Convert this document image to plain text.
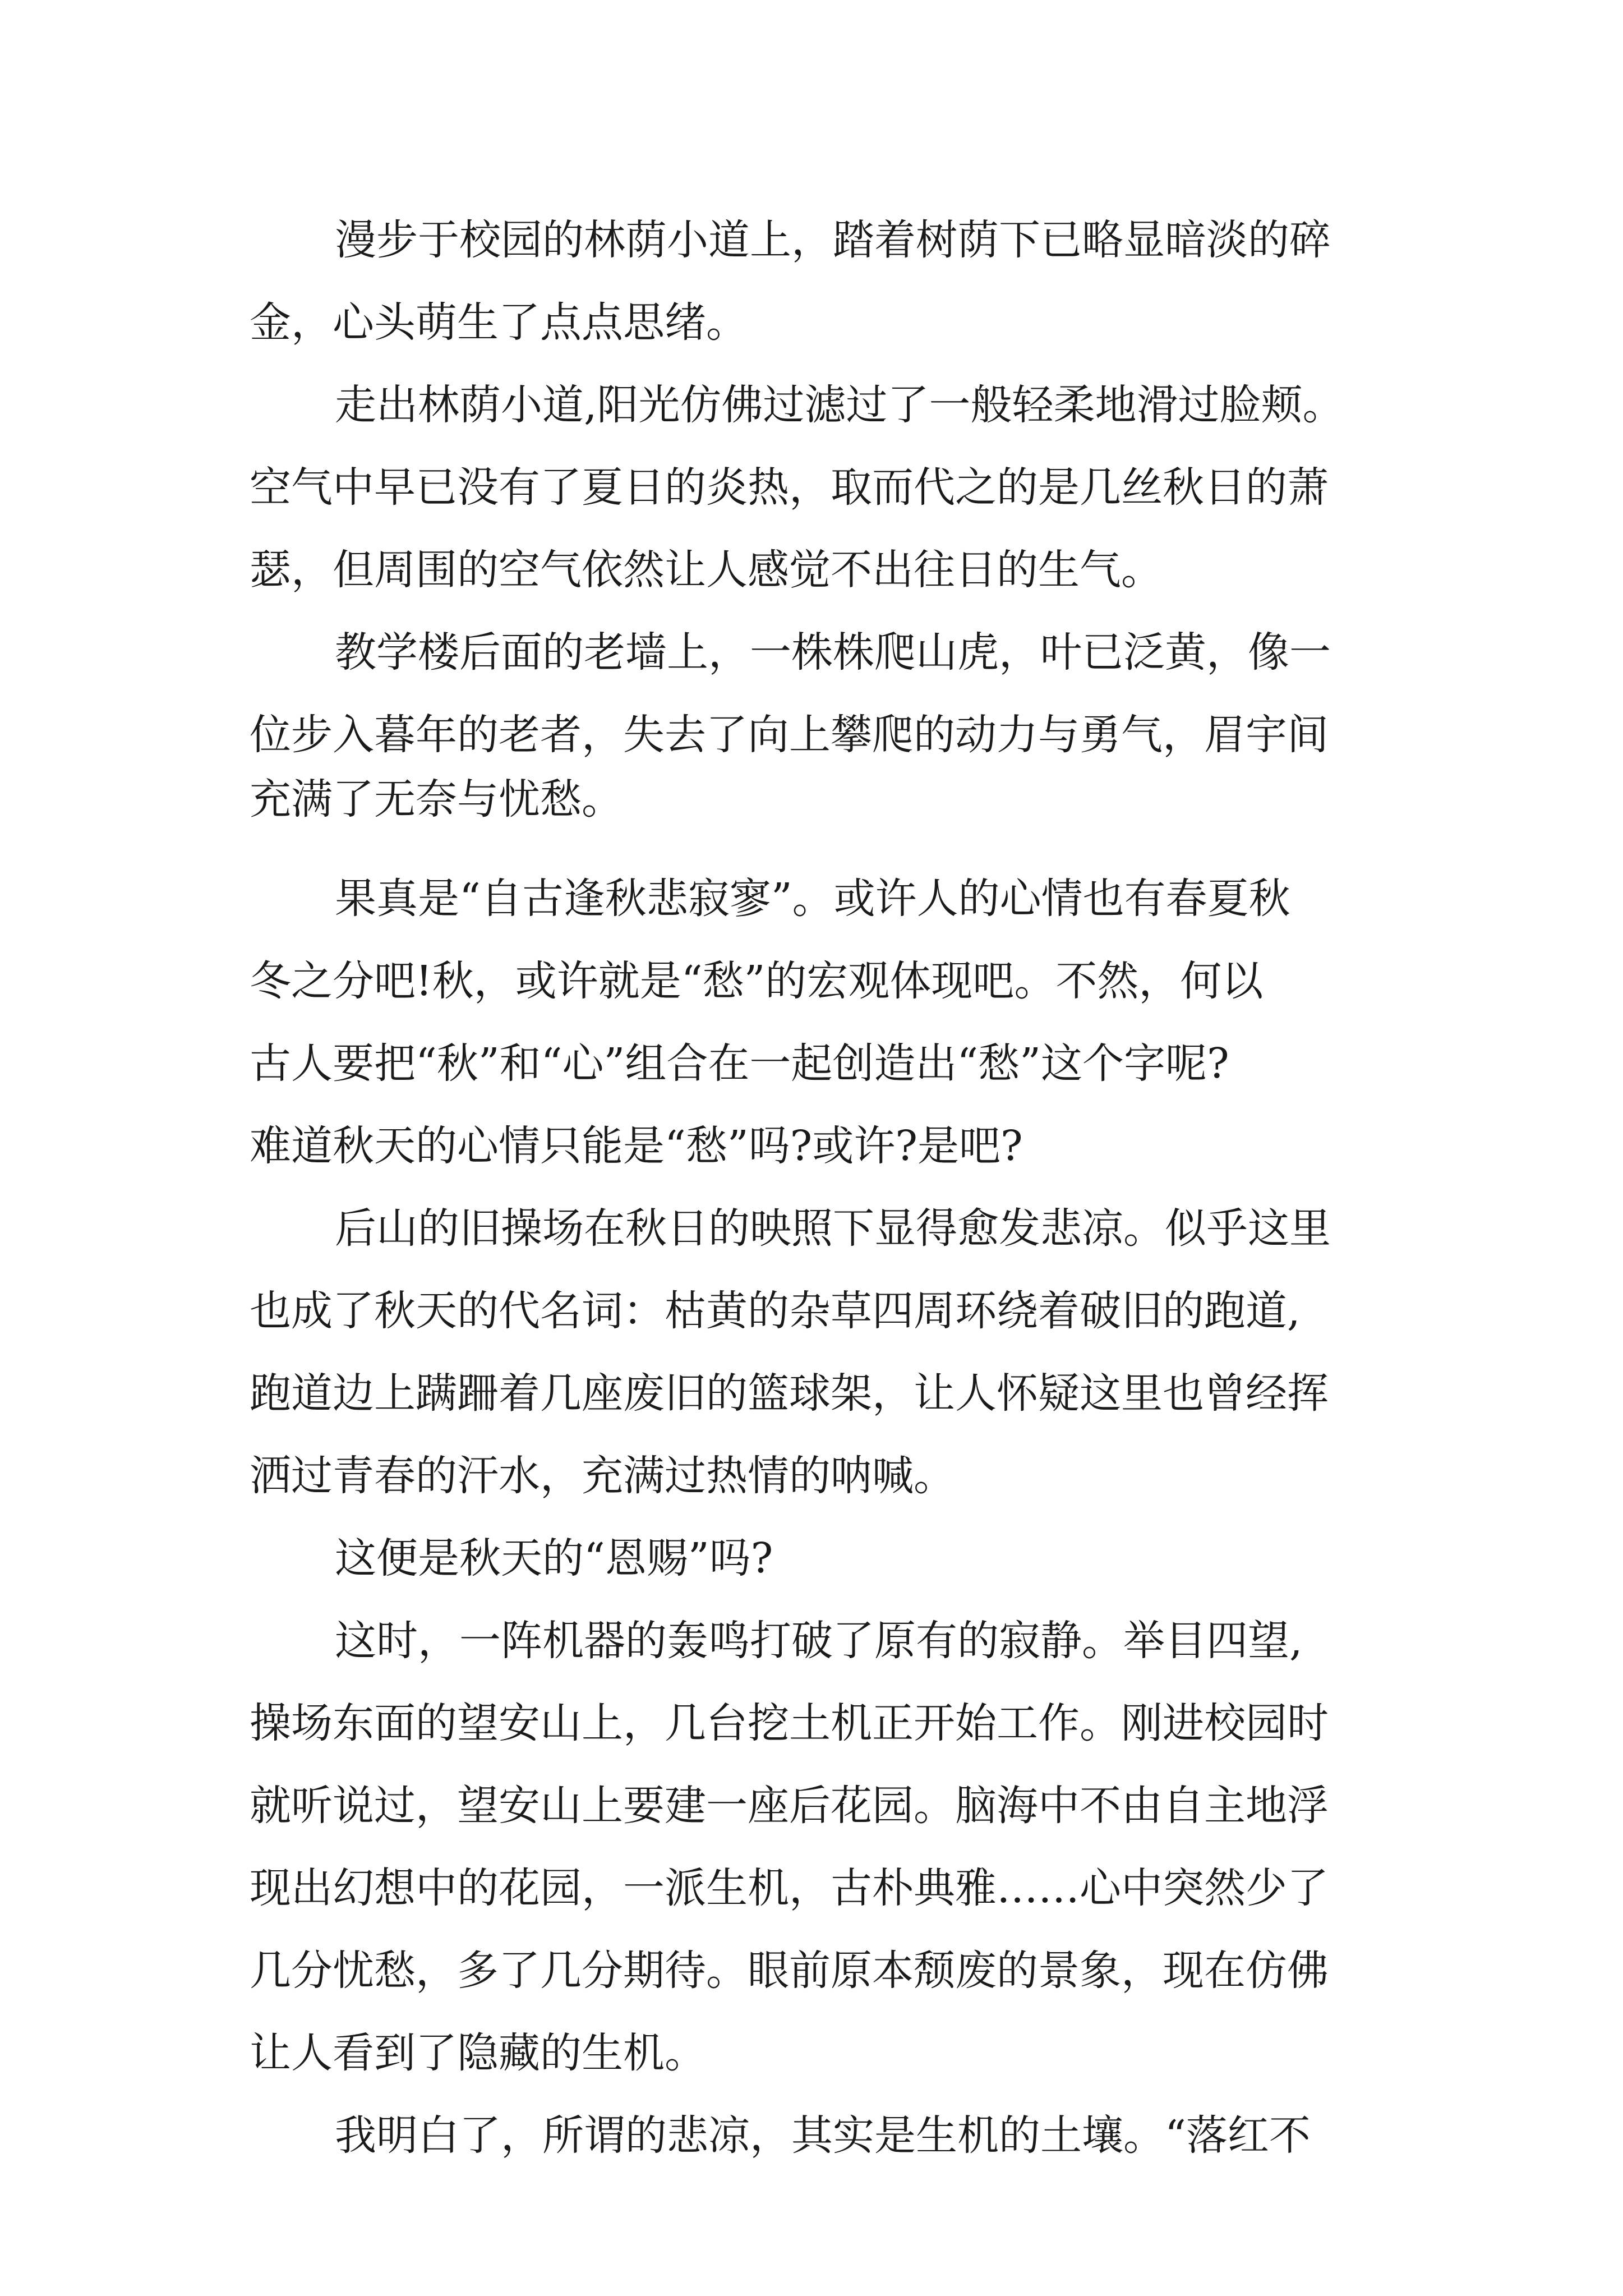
漫步于校园的林荫小道上，踏着树荫下已略显暗淡的碎

金，心头萌生了点点思绪。

走出林荫小道,阳光仿佛过滤过了一般轻柔地滑过脸颊。

空气中早已没有了夏日的炎热，取而代之的是几丝秋日的萧

瑟，但周围的空气依然让人感觉不出往日的生气。

教学楼后面的老墙上，一株株爬山虎，叶已泛黄，像一

位步入暮年的老者，失去了向上攀爬的动力与勇气，眉宇间

充满了无奈与忧愁。

果真是“自古逢秋悲寂寥”。或许人的心情也有春夏秋

冬之分吧!秋，或许就是“愁”的宏观体现吧。不然，何以

古人要把“秋”和“心”组合在一起创造出“愁”这个字呢?

难道秋天的心情只能是“愁”吗?或许?是吧?

后山的旧操场在秋日的映照下显得愈发悲凉。似乎这里

也成了秋天的代名词：枯黄的杂草四周环绕着破旧的跑道,

跑道边上蹒跚着几座废旧的篮球架，让人怀疑这里也曾经挥

洒过青春的汗水，充满过热情的呐喊。

这便是秋天的“恩赐”吗?

这时，一阵机器的轰鸣打破了原有的寂静。举目四望,

操场东面的望安山上，几台挖土机正开始工作。刚进校园时

就听说过，望安山上要建一座后花园。脑海中不由自主地浮

现出幻想中的花园，一派生机，古朴典雅……心中突然少了

几分忧愁，多了几分期待。眼前原本颓废的景象，现在仿佛

让人看到了隐藏的生机。

我明白了，所谓的悲凉，其实是生机的土壤。“落红不
